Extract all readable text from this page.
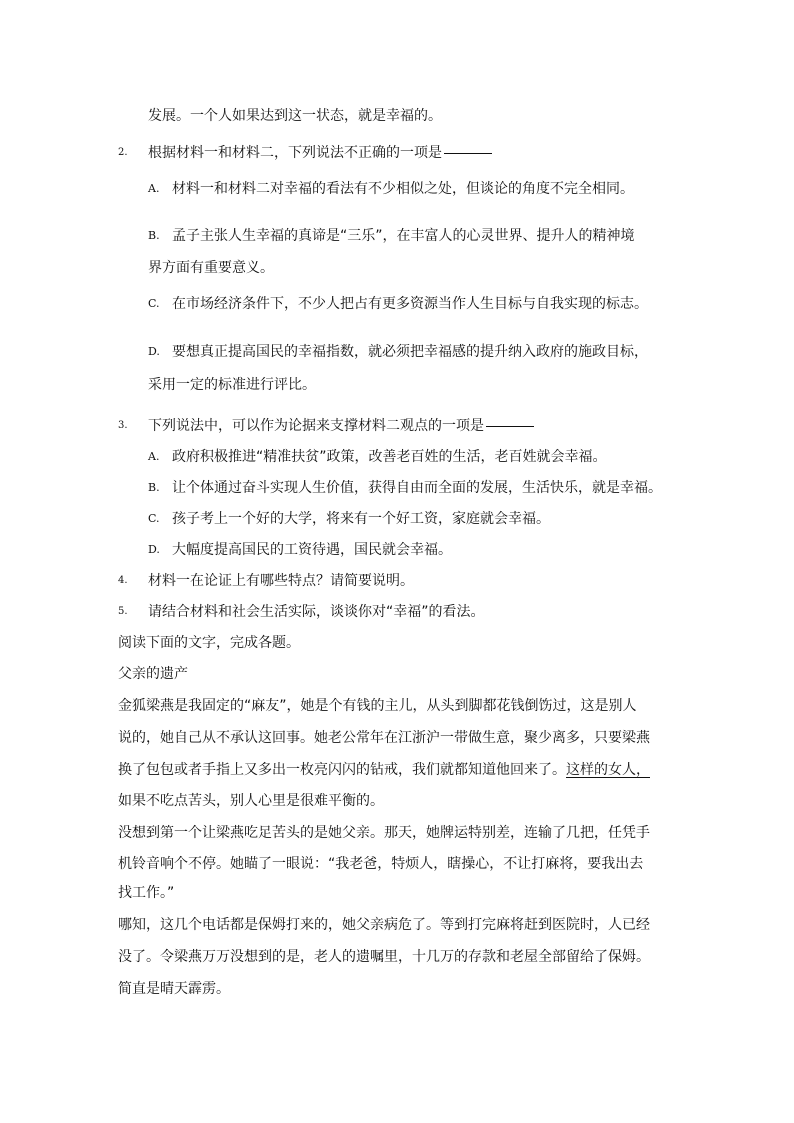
发展。一个人如果达到这一状态，就是幸福的。
2. 根据材料一和材料二，下列说法不正确的一项是
A. 材料一和材料二对幸福的看法有不少相似之处，但谈论的角度不完全相同。
B. 孟子主张人生幸福的真谛是“三乐”，在丰富人的心灵世界、提升人的精神境
界方面有重要意义。
C. 在市场经济条件下，不少人把占有更多资源当作人生目标与自我实现的标志。
D. 要想真正提高国民的幸福指数，就必须把幸福感的提升纳入政府的施政目标，
采用一定的标准进行评比。
3. 下列说法中，可以作为论据来支撑材料二观点的一项是
A. 政府积极推进“精准扶贫”政策，改善老百姓的生活，老百姓就会幸福。
B. 让个体通过奋斗实现人生价值，获得自由而全面的发展，生活快乐，就是幸福。
C. 孩子考上一个好的大学，将来有一个好工资，家庭就会幸福。
D. 大幅度提高国民的工资待遇，国民就会幸福。
4. 材料一在论证上有哪些特点？请简要说明。
5. 请结合材料和社会生活实际，谈谈你对“幸福”的看法。
阅读下面的文字，完成各题。
父亲的遗产
金狐梁燕是我固定的“麻友”，她是个有钱的主儿，从头到脚都花钱倒饬过，这是别人
说的，她自己从不承认这回事。她老公常年在江浙沪一带做生意，聚少离多，只要梁燕
换了包包或者手指上又多出一枚亮闪闪的钻戒，我们就都知道他回来了。这样的女人，
如果不吃点苦头，别人心里是很难平衡的。
没想到第一个让梁燕吃足苦头的是她父亲。那天，她牌运特别差，连输了几把，任凭手
机铃音响个不停。她瞄了一眼说：“我老爸，特烦人，瞎操心，不让打麻将，要我出去
找工作。”
哪知，这几个电话都是保姆打来的，她父亲病危了。等到打完麻将赶到医院时，人已经
没了。令梁燕万万没想到的是，老人的遗嘱里，十几万的存款和老屋全部留给了保姆。
简直是晴天霹雳。
